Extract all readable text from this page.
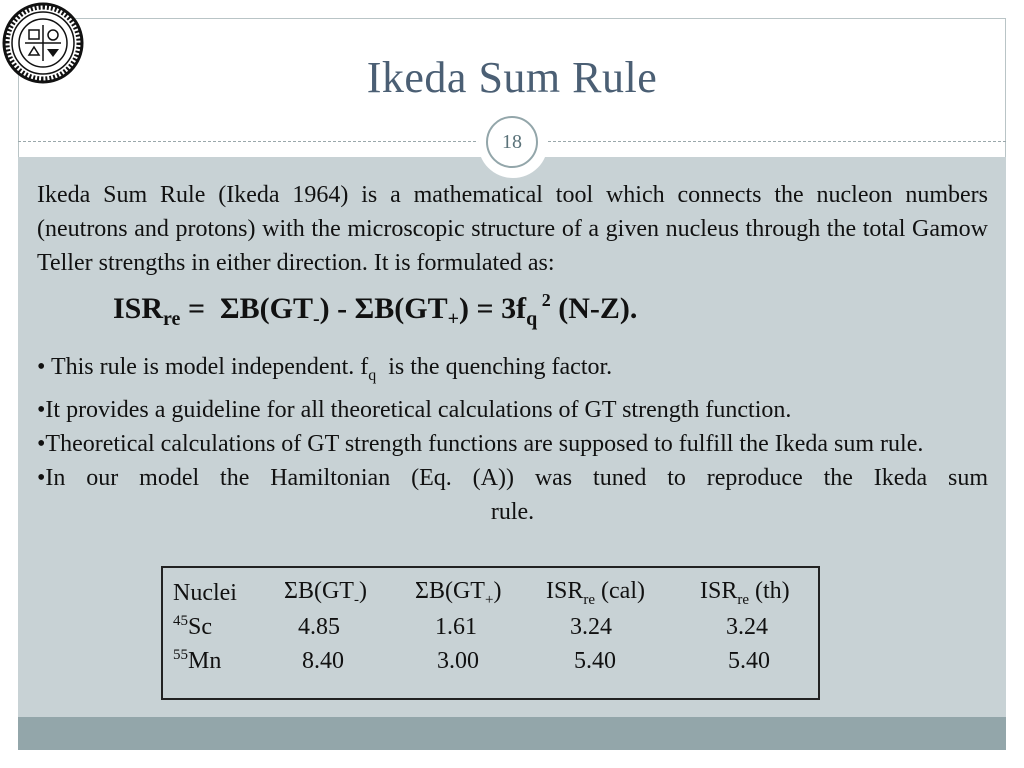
Ikeda Sum Rule
18
Ikeda Sum Rule (Ikeda 1964) is a mathematical tool which connects the nucleon numbers (neutrons and protons) with the microscopic structure of a given nucleus through the total Gamow Teller strengths in either direction. It is formulated as:
$ISR_{re} = \Sigma B(GT_-) - \Sigma B(GT_+) = 3f_q$ $^2$ (N-Z).

• This rule is model independent. $f_q$  is the quenching factor.

•It provides a guideline for all theoretical calculations of GT strength function.

•Theoretical calculations of GT strength functions are supposed to fulfill the Ikeda sum rule.

•In our model the Hamiltonian (Eq. (A)) was tuned to reproduce the Ikeda sum

rule.

Nuclei	$\Sigma B(GT_-)$	$\Sigma B(GT_+)$	$ISR_{re}$ (cal)	$ISR_{re}$ (th)
$^{45}$Sc	4.85	1.61	3.24	3.24
$^{55}$Mn	8.40	3.00	5.40	5.40
